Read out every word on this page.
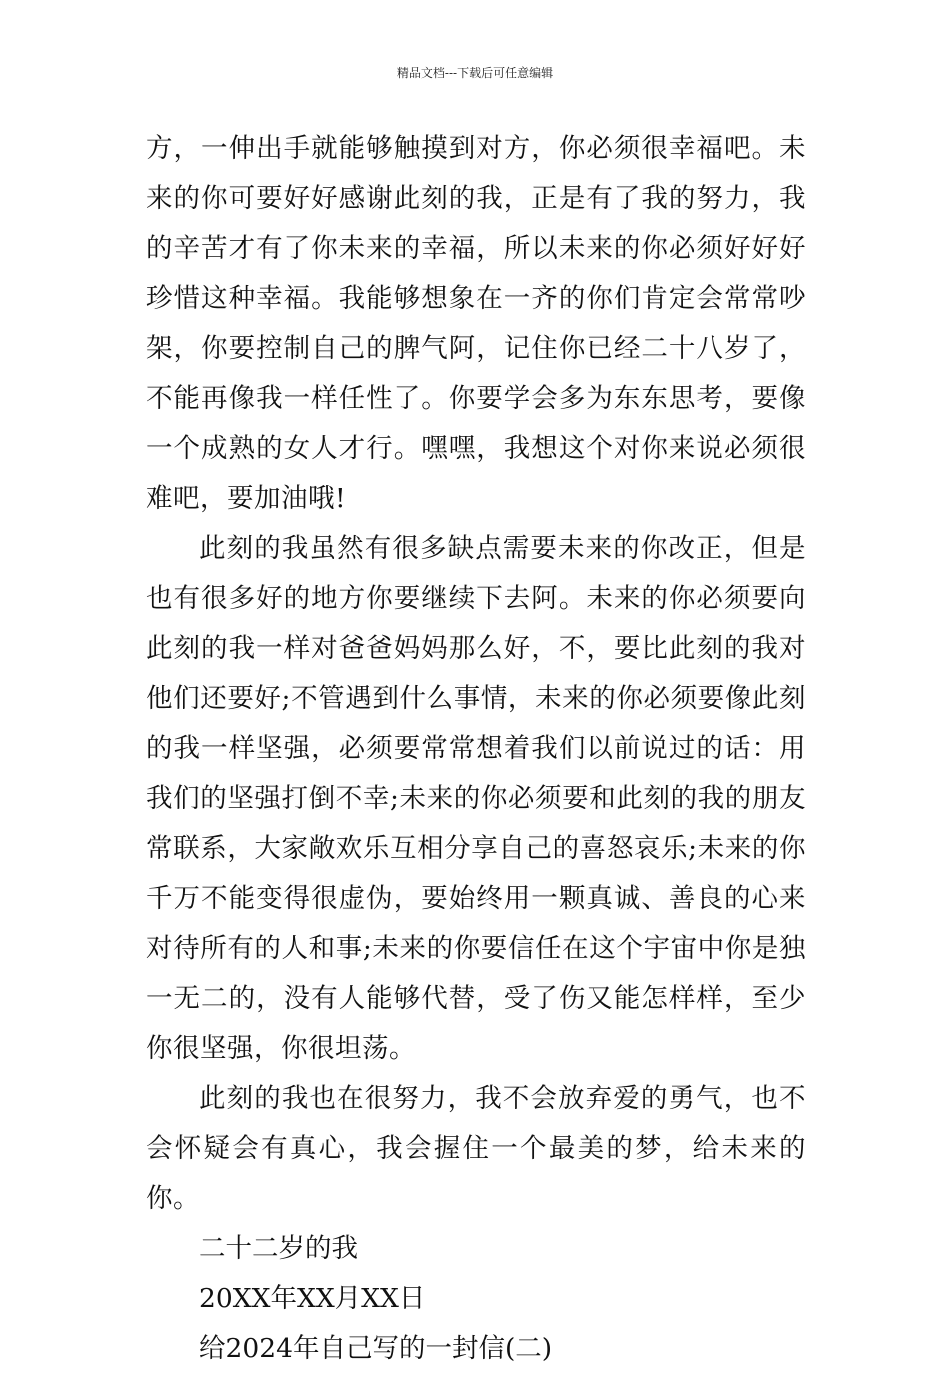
精品文档---下载后可任意编辑

方，一伸出手就能够触摸到对方，你必须很幸福吧。未来的你可要好好感谢此刻的我，正是有了我的努力，我的辛苦才有了你未来的幸福，所以未来的你必须好好好珍惜这种幸福。我能够想象在一齐的你们肯定会常常吵架，你要控制自己的脾气阿，记住你已经二十八岁了，不能再像我一样任性了。你要学会多为东东思考，要像一个成熟的女人才行。嘿嘿，我想这个对你来说必须很难吧，要加油哦!

此刻的我虽然有很多缺点需要未来的你改正，但是也有很多好的地方你要继续下去阿。未来的你必须要向此刻的我一样对爸爸妈妈那么好，不，要比此刻的我对他们还要好;不管遇到什么事情，未来的你必须要像此刻的我一样坚强，必须要常常想着我们以前说过的话：用我们的坚强打倒不幸;未来的你必须要和此刻的我的朋友常联系，大家敞欢乐互相分享自己的喜怒哀乐;未来的你千万不能变得很虚伪，要始终用一颗真诚、善良的心来对待所有的人和事;未来的你要信任在这个宇宙中你是独一无二的，没有人能够代替，受了伤又能怎样样，至少你很坚强，你很坦荡。

此刻的我也在很努力，我不会放弃爱的勇气，也不会怀疑会有真心，我会握住一个最美的梦，给未来的你。

二十二岁的我

20XX年XX月XX日

给2024年自己写的一封信(二)
